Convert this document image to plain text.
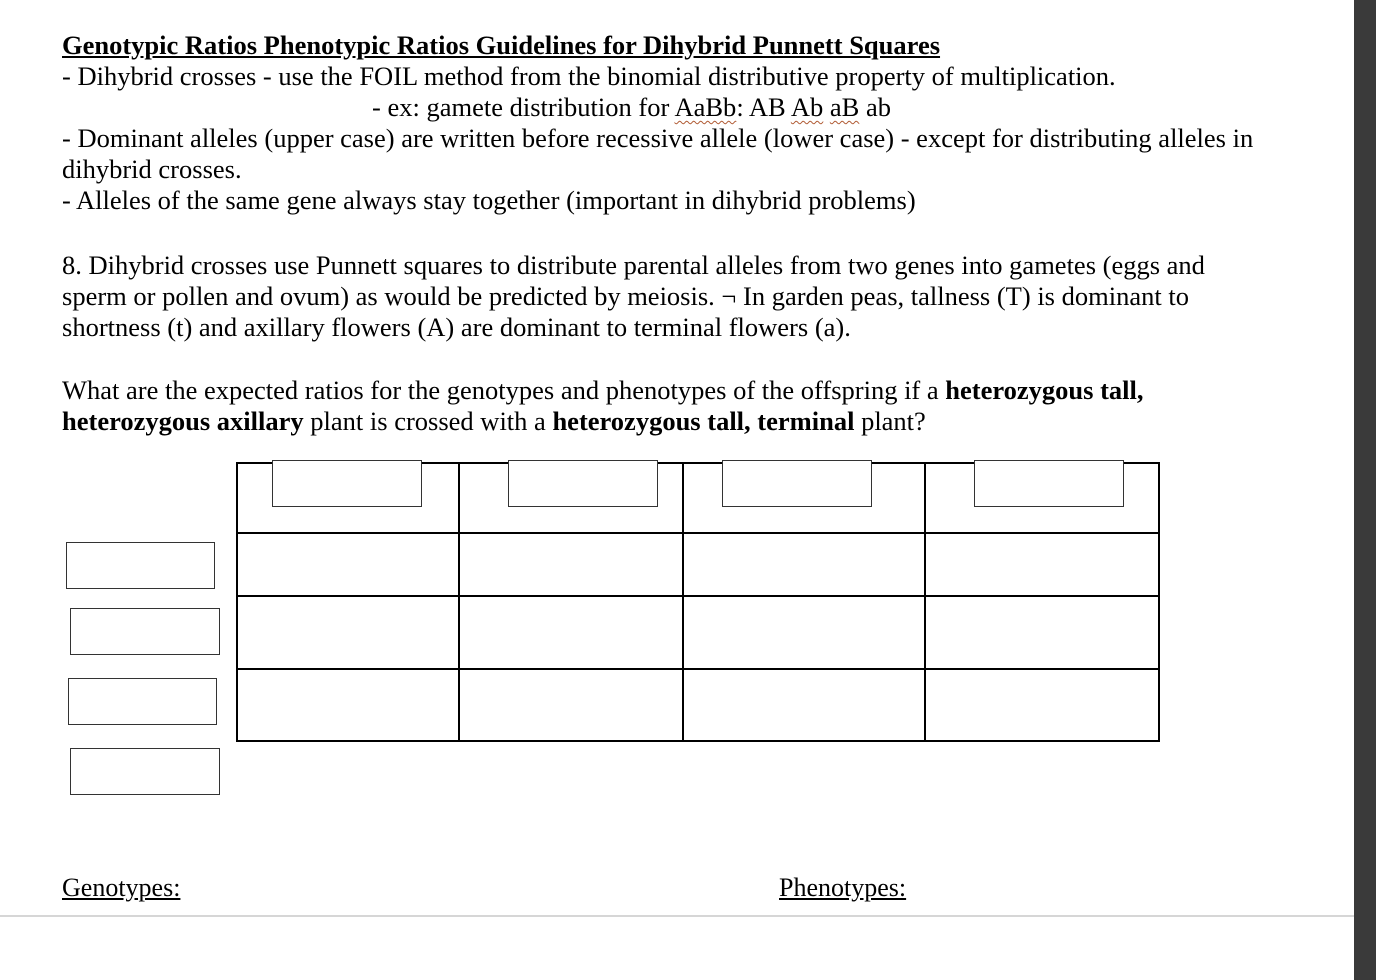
Genotypic Ratios Phenotypic Ratios Guidelines for Dihybrid Punnett Squares
- Dihybrid crosses - use the FOIL method from the binomial distributive property of multiplication.
- ex: gamete distribution for AaBb: AB Ab aB ab
- Dominant alleles (upper case) are written before recessive allele (lower case) - except for distributing alleles in
dihybrid crosses.
- Alleles of the same gene always stay together (important in dihybrid problems)
8. Dihybrid crosses use Punnett squares to distribute parental alleles from two genes into gametes (eggs and
sperm or pollen and ovum) as would be predicted by meiosis. ¬ In garden peas, tallness (T) is dominant to
shortness (t) and axillary flowers (A) are dominant to terminal flowers (a).
What are the expected ratios for the genotypes and phenotypes of the offspring if a heterozygous tall,
heterozygous axillary plant is crossed with a heterozygous tall, terminal plant?

Genotypes:	Phenotypes:
